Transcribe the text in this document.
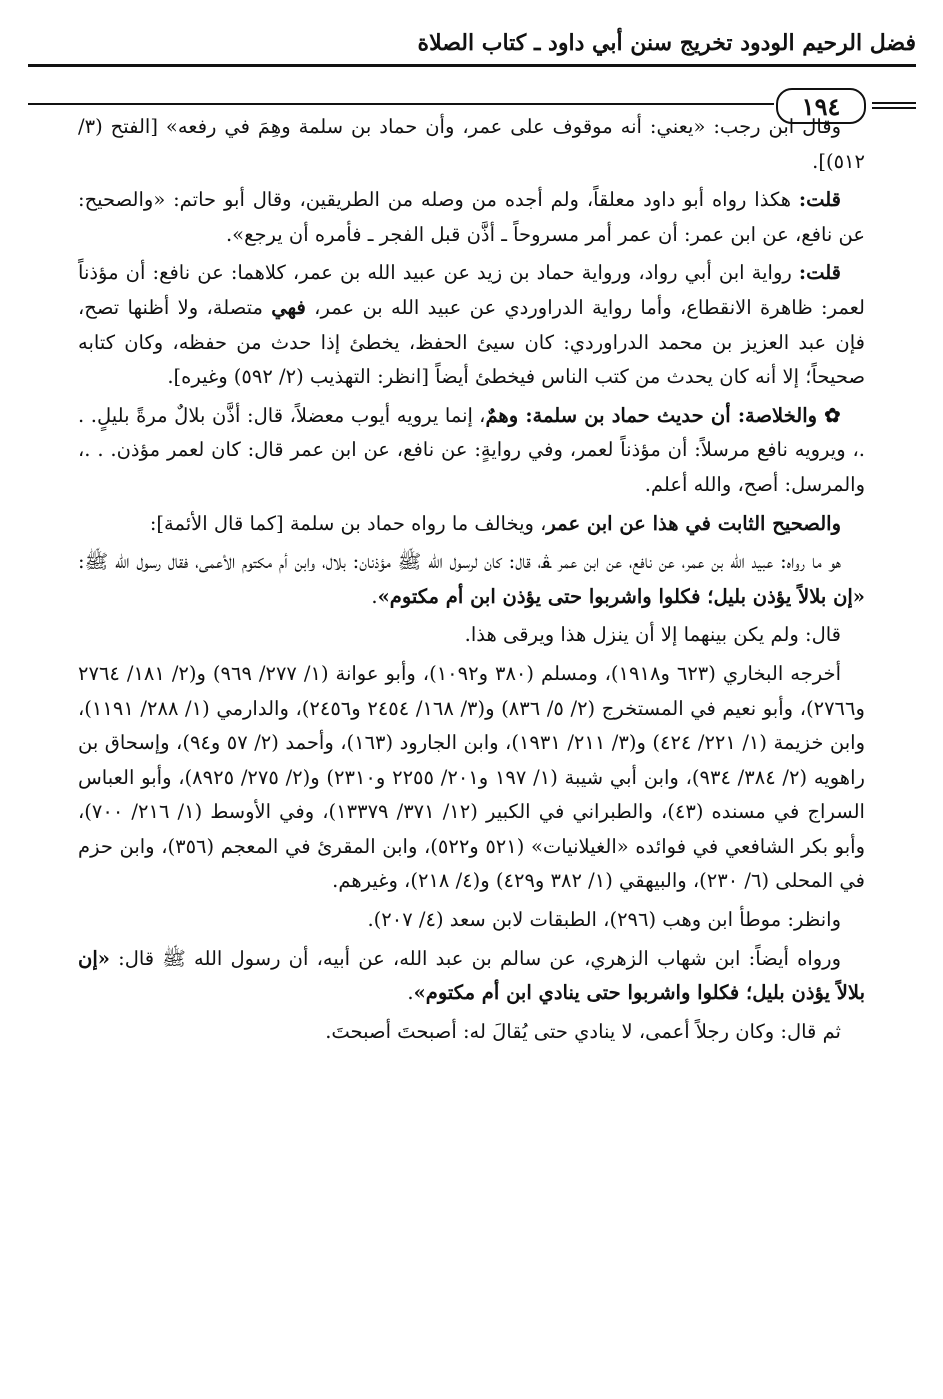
فضل الرحيم الودود تخريج سنن أبي داود ـ كتاب الصلاة
١٩٤

وقال ابن رجب: «يعني: أنه موقوف على عمر، وأن حماد بن سلمة وهِمَ في رفعه» [الفتح (٣/ ٥١٢)].

قلت: هكذا رواه أبو داود معلقاً، ولم أجده من وصله من الطريقين، وقال أبو حاتم: «والصحيح: عن نافع، عن ابن عمر: أن عمر أمر مسروحاً ـ أذَّن قبل الفجر ـ فأمره أن يرجع».

قلت: رواية ابن أبي رواد، ورواية حماد بن زيد عن عبيد الله بن عمر، كلاهما: عن نافع: أن مؤذناً لعمر: ظاهرة الانقطاع، وأما رواية الدراوردي عن عبيد الله بن عمر، فهي متصلة، ولا أظنها تصح، فإن عبد العزيز بن محمد الدراوردي: كان سيئ الحفظ، يخطئ إذا حدث من حفظه، وكان كتابه صحيحاً؛ إلا أنه كان يحدث من كتب الناس فيخطئ أيضاً [انظر: التهذيب (٢/ ٥٩٢) وغيره].

✿ والخلاصة: أن حديث حماد بن سلمة: وهمٌ، إنما يرويه أيوب معضلاً، قال: أذَّن بلالٌ مرةً بليلٍ. . .، ويرويه نافع مرسلاً: أن مؤذناً لعمر، وفي روايةٍ: عن نافع، عن ابن عمر قال: كان لعمر مؤذن. . .، والمرسل: أصح، والله أعلم.

والصحيح الثابت في هذا عن ابن عمر، ويخالف ما رواه حماد بن سلمة [كما قال الأئمة]:

هو ما رواه: عبيد الله بن عمر، عن نافع، عن ابن عمر ﭭ، قال: كان لرسول الله ﷺ مؤذنان: بلال، وابن أم مكتوم الأعمى، فقال رسول الله ﷺ: «إن بلالاً يؤذن بليل؛ فكلوا واشربوا حتى يؤذن ابن أم مكتوم».

قال: ولم يكن بينهما إلا أن ينزل هذا ويرقى هذا.

أخرجه البخاري (٦٢٣ و١٩١٨)، ومسلم (٣٨٠ و١٠٩٢)، وأبو عوانة (١/ ٢٧٧/ ٩٦٩) و(٢/ ١٨١/ ٢٧٦٤ و٢٧٦٦)، وأبو نعيم في المستخرج (٢/ ٥/ ٨٣٦) و(٣/ ١٦٨/ ٢٤٥٤ و٢٤٥٦)، والدارمي (١/ ٢٨٨/ ١١٩١)، وابن خزيمة (١/ ٢٢١/ ٤٢٤) و(٣/ ٢١١/ ١٩٣١)، وابن الجارود (١٦٣)، وأحمد (٢/ ٥٧ و٩٤)، وإسحاق بن راهويه (٢/ ٣٨٤/ ٩٣٤)، وابن أبي شيبة (١/ ١٩٧ و٢٠١/ ٢٢٥٥ و٢٣١٠) و(٢/ ٢٧٥/ ٨٩٢٥)، وأبو العباس السراج في مسنده (٤٣)، والطبراني في الكبير (١٢/ ٣٧١/ ١٣٣٧٩)، وفي الأوسط (١/ ٢١٦/ ٧٠٠)، وأبو بكر الشافعي في فوائده «الغيلانيات» (٥٢١ و٥٢٢)، وابن المقرئ في المعجم (٣٥٦)، وابن حزم في المحلى (٦/ ٢٣٠)، والبيهقي (١/ ٣٨٢ و٤٢٩) و(٤/ ٢١٨)، وغيرهم.

وانظر: موطأ ابن وهب (٢٩٦)، الطبقات لابن سعد (٤/ ٢٠٧).

ورواه أيضاً: ابن شهاب الزهري، عن سالم بن عبد الله، عن أبيه، أن رسول الله ﷺ قال: «إن بلالاً يؤذن بليل؛ فكلوا واشربوا حتى ينادي ابن أم مكتوم».

ثم قال: وكان رجلاً أعمى، لا ينادي حتى يُقالَ له: أصبحتَ أصبحتَ.
